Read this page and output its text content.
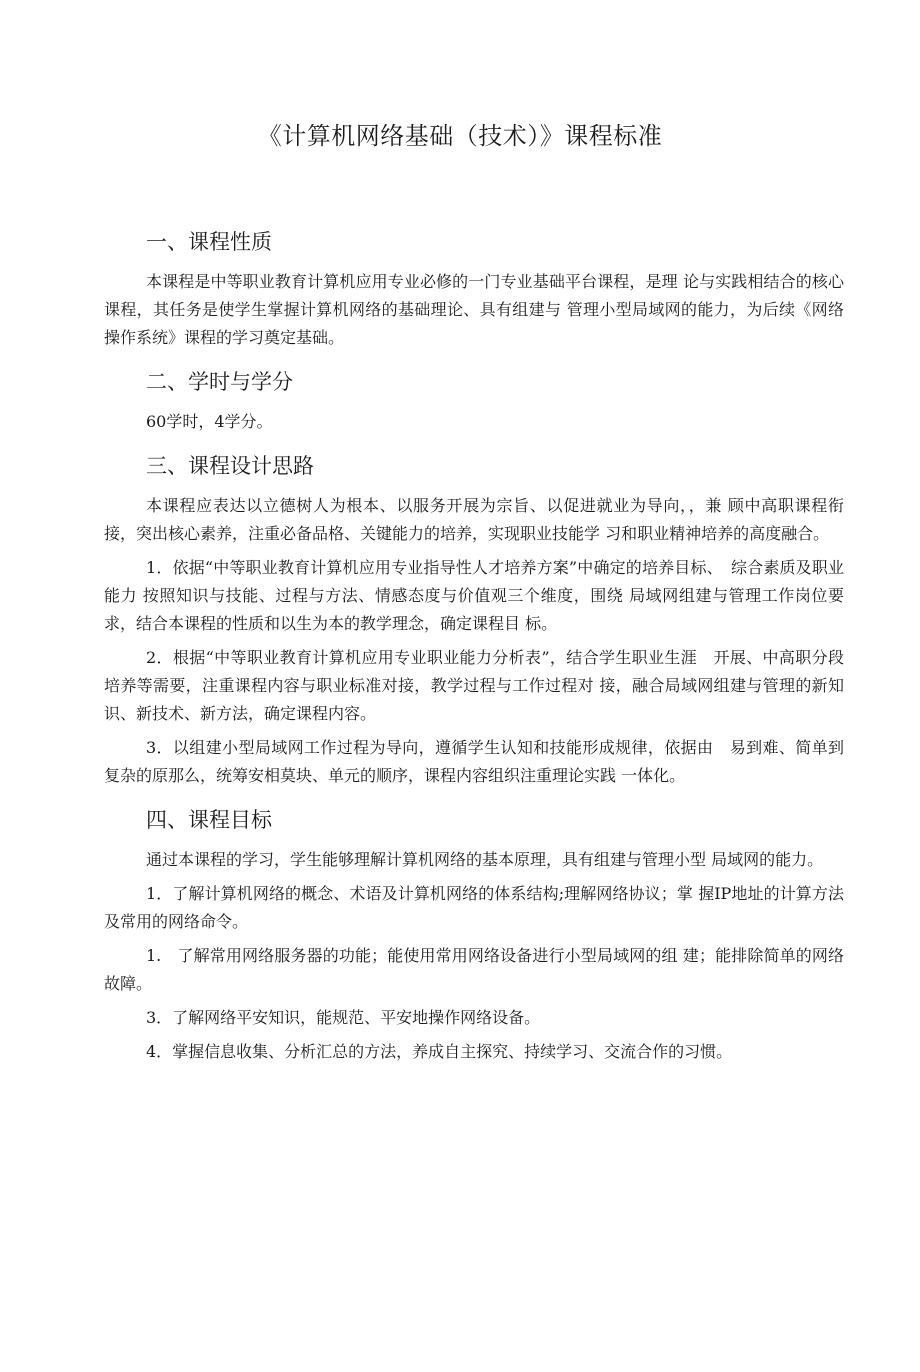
《计算机网络基础（技术）》课程标准
一、课程性质

本课程是中等职业教育计算机应用专业必修的一门专业基础平台课程，是理 论与实践相结合的核心课程，其任务是使学生掌握计算机网络的基础理论、具有组建与 管理小型局域网的能力，为后续《网络操作系统》课程的学习奠定基础。

二、学时与学分

60学时，4学分。

三、课程设计思路

本课程应表达以立德树人为根本、以服务开展为宗旨、以促进就业为导向，，兼 顾中高职课程衔接，突出核心素养，注重必备品格、关键能力的培养，实现职业技能学 习和职业精神培养的高度融合。

1．依据“中等职业教育计算机应用专业指导性人才培养方案”中确定的培养目标、　综合素质及职业能力 按照知识与技能、过程与方法、情感态度与价值观三个维度，围绕 局域网组建与管理工作岗位要求，结合本课程的性质和以生为本的教学理念，确定课程目 标。

2．根据“中等职业教育计算机应用专业职业能力分析表”，结合学生职业生涯　开展、中高职分段培养等需要，注重课程内容与职业标准对接，教学过程与工作过程对 接，融合局域网组建与管理的新知识、新技术、新方法，确定课程内容。

3．以组建小型局域网工作过程为导向，遵循学生认知和技能形成规律，依据由　易到难、简单到复杂的原那么，统筹安相莫块、单元的顺序，课程内容组织注重理论实践 一体化。

四、课程目标

通过本课程的学习，学生能够理解计算机网络的基本原理，具有组建与管理小型 局域网的能力。

1．了解计算机网络的概念、术语及计算机网络的体系结构;理解网络协议；掌 握IP地址的计算方法及常用的网络命令。

1.　了解常用网络服务器的功能；能使用常用网络设备进行小型局域网的组 建；能排除简单的网络故障。

3．了解网络平安知识，能规范、平安地操作网络设备。

4．掌握信息收集、分析汇总的方法，养成自主探究、持续学习、交流合作的习惯。
